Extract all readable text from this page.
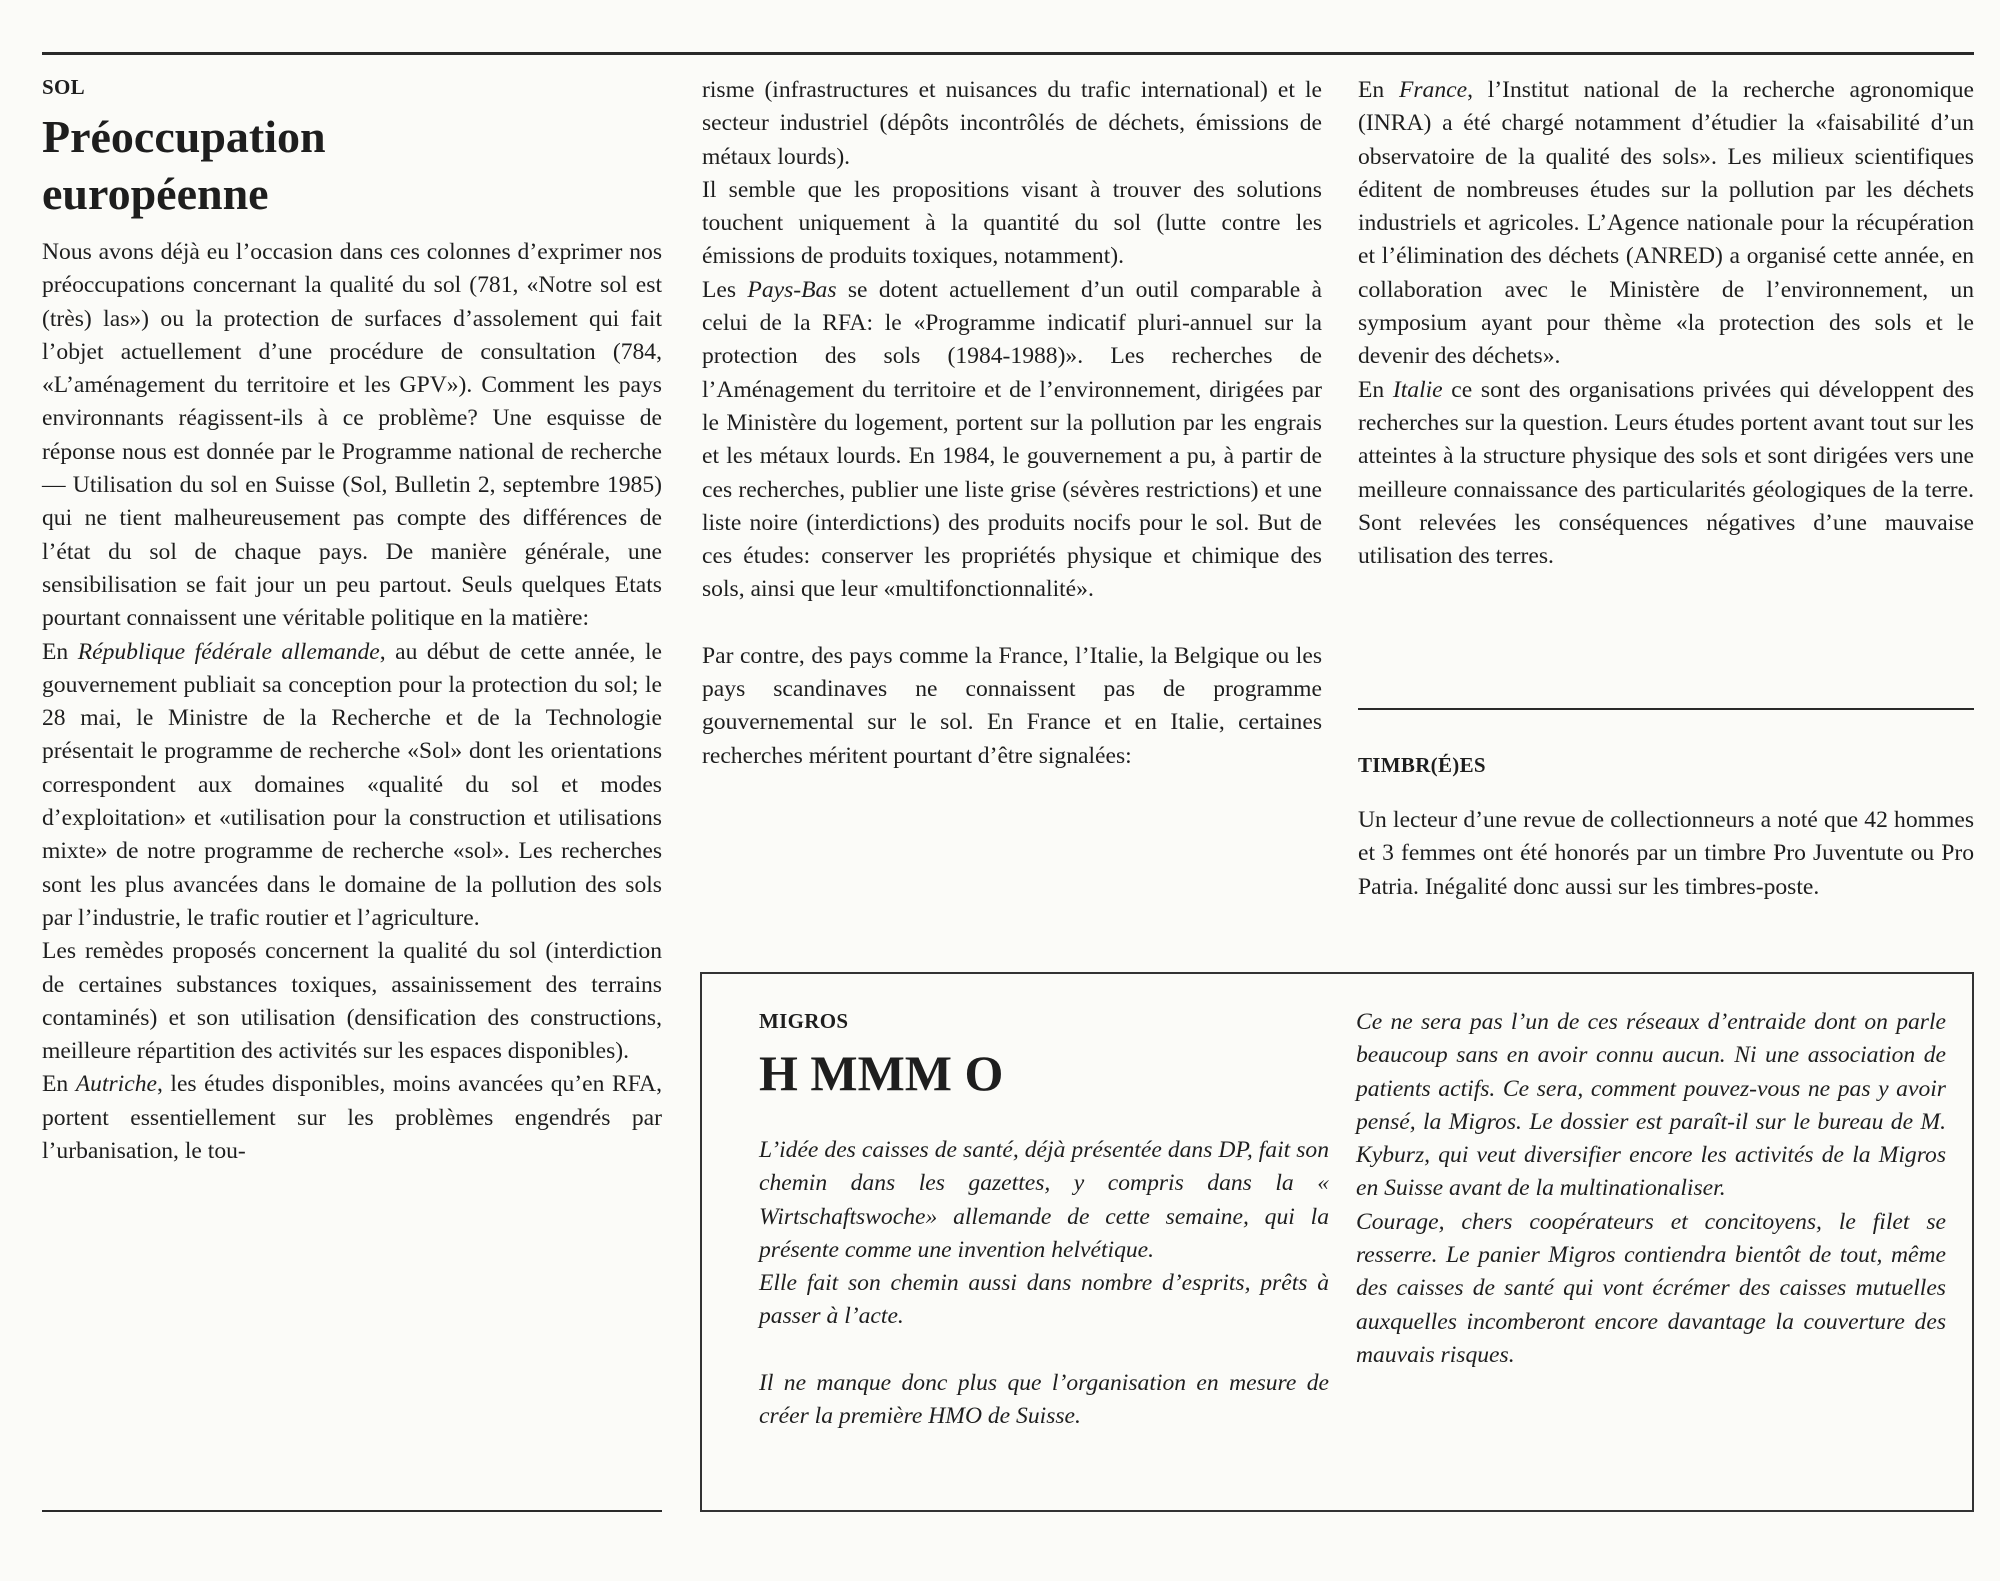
SOL
Préoccupation
européenne

Nous avons déjà eu l’occasion dans ces colonnes d’exprimer nos préoccupations concernant la qualité du sol (781, «Notre sol est (très) las») ou la protection de surfaces d’assolement qui fait l’objet actuellement d’une procédure de consultation (784, «L’aménagement du territoire et les GPV»). Comment les pays environnants réagissent-ils à ce problème? Une esquisse de réponse nous est donnée par le Programme national de recherche — Utilisation du sol en Suisse (Sol, Bulletin 2, septembre 1985) qui ne tient malheureusement pas compte des différences de l’état du sol de chaque pays. De manière générale, une sensibilisation se fait jour un peu partout. Seuls quelques Etats pourtant connaissent une véritable politique en la matière:

En République fédérale allemande, au début de cette année, le gouvernement publiait sa conception pour la protection du sol; le 28 mai, le Ministre de la Recherche et de la Technologie présentait le programme de recherche «Sol» dont les orientations correspondent aux domaines «qualité du sol et modes d’exploitation» et «utilisation pour la construction et utilisations mixte» de notre programme de recherche «sol». Les recherches sont les plus avancées dans le domaine de la pollution des sols par l’industrie, le trafic routier et l’agriculture.

Les remèdes proposés concernent la qualité du sol (interdiction de certaines substances toxiques, assainissement des terrains contaminés) et son utilisation (densification des constructions, meilleure répartition des activités sur les espaces disponibles).

En Autriche, les études disponibles, moins avancées qu’en RFA, portent essentiellement sur les problèmes engendrés par l’urbanisation, le tou-

risme (infrastructures et nuisances du trafic international) et le secteur industriel (dépôts incontrôlés de déchets, émissions de métaux lourds).

Il semble que les propositions visant à trouver des solutions touchent uniquement à la quantité du sol (lutte contre les émissions de produits toxiques, notamment).

Les Pays-Bas se dotent actuellement d’un outil comparable à celui de la RFA: le «Programme indicatif pluri-annuel sur la protection des sols (1984-1988)». Les recherches de l’Aménagement du territoire et de l’environnement, dirigées par le Ministère du logement, portent sur la pollution par les engrais et les métaux lourds. En 1984, le gouvernement a pu, à partir de ces recherches, publier une liste grise (sévères restrictions) et une liste noire (interdictions) des produits nocifs pour le sol. But de ces études: conserver les propriétés physique et chimique des sols, ainsi que leur «multifonctionnalité».

Par contre, des pays comme la France, l’Italie, la Belgique ou les pays scandinaves ne connaissent pas de programme gouvernemental sur le sol. En France et en Italie, certaines recherches méritent pourtant d’être signalées:

En France, l’Institut national de la recherche agronomique (INRA) a été chargé notamment d’étudier la «faisabilité d’un observatoire de la qualité des sols». Les milieux scientifiques éditent de nombreuses études sur la pollution par les déchets industriels et agricoles. L’Agence nationale pour la récupération et l’élimination des déchets (ANRED) a organisé cette année, en collaboration avec le Ministère de l’environnement, un symposium ayant pour thème «la protection des sols et le devenir des déchets».

En Italie ce sont des organisations privées qui développent des recherches sur la question. Leurs études portent avant tout sur les atteintes à la structure physique des sols et sont dirigées vers une meilleure connaissance des particularités géologiques de la terre. Sont relevées les conséquences négatives d’une mauvaise utilisation des terres.

TIMBR(É)ES

Un lecteur d’une revue de collectionneurs a noté que 42 hommes et 3 femmes ont été honorés par un timbre Pro Juventute ou Pro Patria. Inégalité donc aussi sur les timbres-poste.

MIGROS
H MMM O

L’idée des caisses de santé, déjà présentée dans DP, fait son chemin dans les gazettes, y compris dans la « Wirtschaftswoche» allemande de cette semaine, qui la présente comme une invention helvétique.

Elle fait son chemin aussi dans nombre d’esprits, prêts à passer à l’acte.

Il ne manque donc plus que l’organisation en mesure de créer la première HMO de Suisse.

Ce ne sera pas l’un de ces réseaux d’entraide dont on parle beaucoup sans en avoir connu aucun. Ni une association de patients actifs. Ce sera, comment pouvez-vous ne pas y avoir pensé, la Migros. Le dossier est paraît-il sur le bureau de M. Kyburz, qui veut diversifier encore les activités de la Migros en Suisse avant de la multinationaliser.

Courage, chers coopérateurs et concitoyens, le filet se resserre. Le panier Migros contiendra bientôt de tout, même des caisses de santé qui vont écrémer des caisses mutuelles auxquelles incomberont encore davantage la couverture des mauvais risques.
